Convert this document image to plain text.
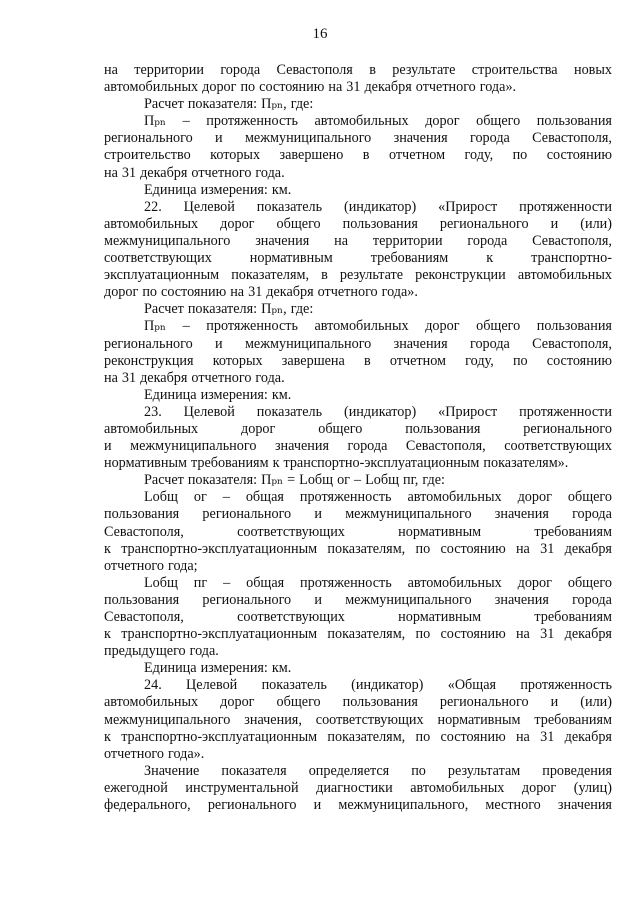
16
на территории города Севастополя в результате строительства новых
автомобильных дорог по состоянию на 31 декабря отчетного года».
Расчет показателя: Пₚₙ, где:
Пₚₙ – протяженность автомобильных дорог общего пользования
регионального и межмуниципального значения города Севастополя,
строительство которых завершено в отчетном году, по состоянию
на 31 декабря отчетного года.
Единица измерения: км.
22. Целевой показатель (индикатор) «Прирост протяженности
автомобильных дорог общего пользования регионального и (или)
межмуниципального значения на территории города Севастополя,
соответствующих	нормативным	требованиям	к	транспортно-
эксплуатационным показателям, в результате реконструкции автомобильных
дорог по состоянию на 31 декабря отчетного года».
Расчет показателя: Пₚₙ, где:
Пₚₙ – протяженность автомобильных дорог общего пользования
регионального и межмуниципального значения города Севастополя,
реконструкция которых завершена в отчетном году, по состоянию
на 31 декабря отчетного года.
Единица измерения: км.
23. Целевой показатель (индикатор) «Прирост протяженности
автомобильных	дорог	общего	пользования	регионального
и межмуниципального значения города Севастополя, соответствующих
нормативным требованиям к транспортно-эксплуатационным показателям».
Расчет показателя: Пₚₙ = Lобщ ог – Lобщ пг, где:
Lобщ ог – общая протяженность автомобильных дорог общего
пользования регионального и межмуниципального значения города
Севастополя,	соответствующих	нормативным	требованиям
к транспортно-эксплуатационным показателям, по состоянию на 31 декабря
отчетного года;
Lобщ пг – общая протяженность автомобильных дорог общего
пользования регионального и межмуниципального значения города
Севастополя,	соответствующих	нормативным	требованиям
к транспортно-эксплуатационным показателям, по состоянию на 31 декабря
предыдущего года.
Единица измерения: км.
24. Целевой показатель (индикатор) «Общая протяженность
автомобильных дорог общего пользования регионального и (или)
межмуниципального значения, соответствующих нормативным требованиям
к транспортно-эксплуатационным показателям, по состоянию на 31 декабря
отчетного года».
Значение показателя определяется по результатам проведения
ежегодной инструментальной диагностики автомобильных дорог (улиц)
федерального, регионального и межмуниципального, местного значения
